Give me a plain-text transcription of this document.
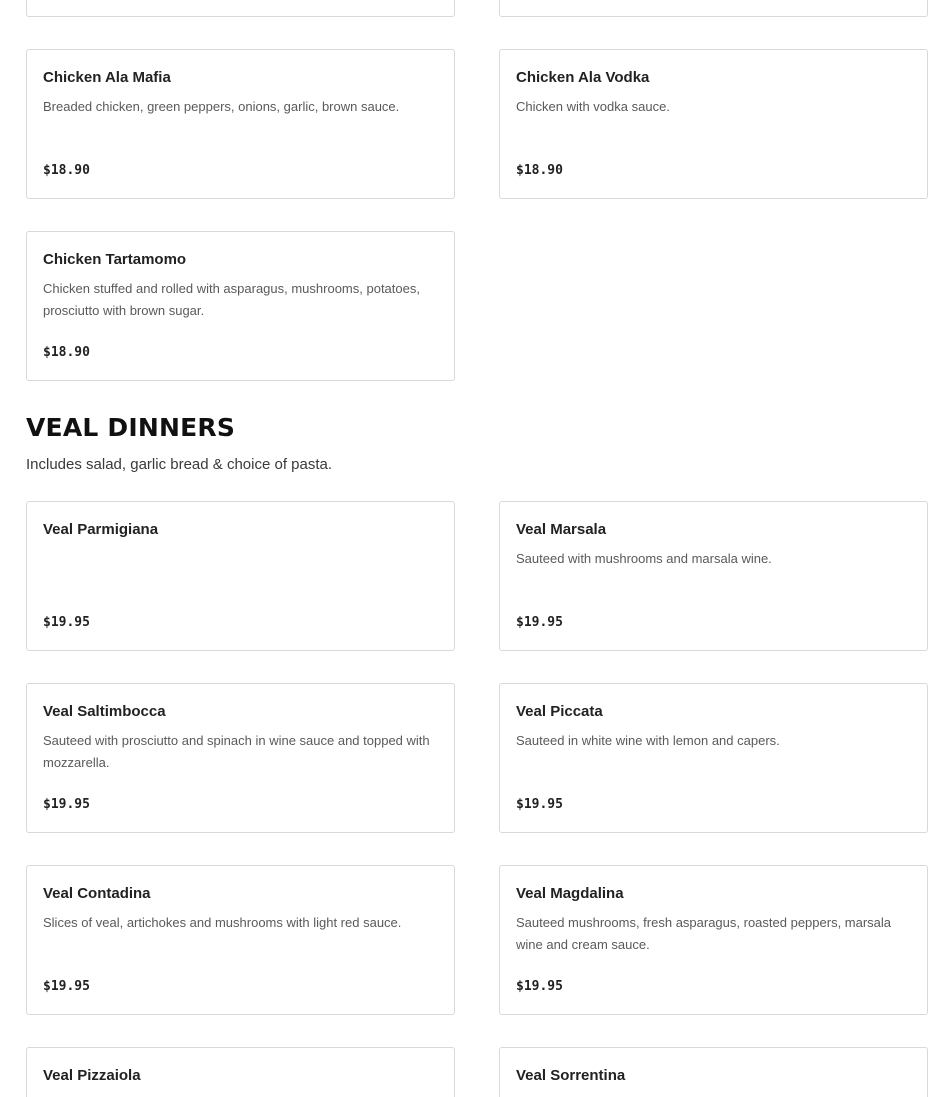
Chicken Ala Mafia
Breaded chicken, green peppers, onions, garlic, brown sauce.
$18.90
Chicken Ala Vodka
Chicken with vodka sauce.
$18.90
Chicken Tartamomo
Chicken stuffed and rolled with asparagus, mushrooms, potatoes, prosciutto with brown sugar.
$18.90
VEAL DINNERS
Includes salad, garlic bread & choice of pasta.
Veal Parmigiana
$19.95
Veal Marsala
Sauteed with mushrooms and marsala wine.
$19.95
Veal Saltimbocca
Sauteed with prosciutto and spinach in wine sauce and topped with mozzarella.
$19.95
Veal Piccata
Sauteed in white wine with lemon and capers.
$19.95
Veal Contadina
Slices of veal, artichokes and mushrooms with light red sauce.
$19.95
Veal Magdalina
Sauteed mushrooms, fresh asparagus, roasted peppers, marsala wine and cream sauce.
$19.95
Veal Pizzaiola	Veal Sorrentina
